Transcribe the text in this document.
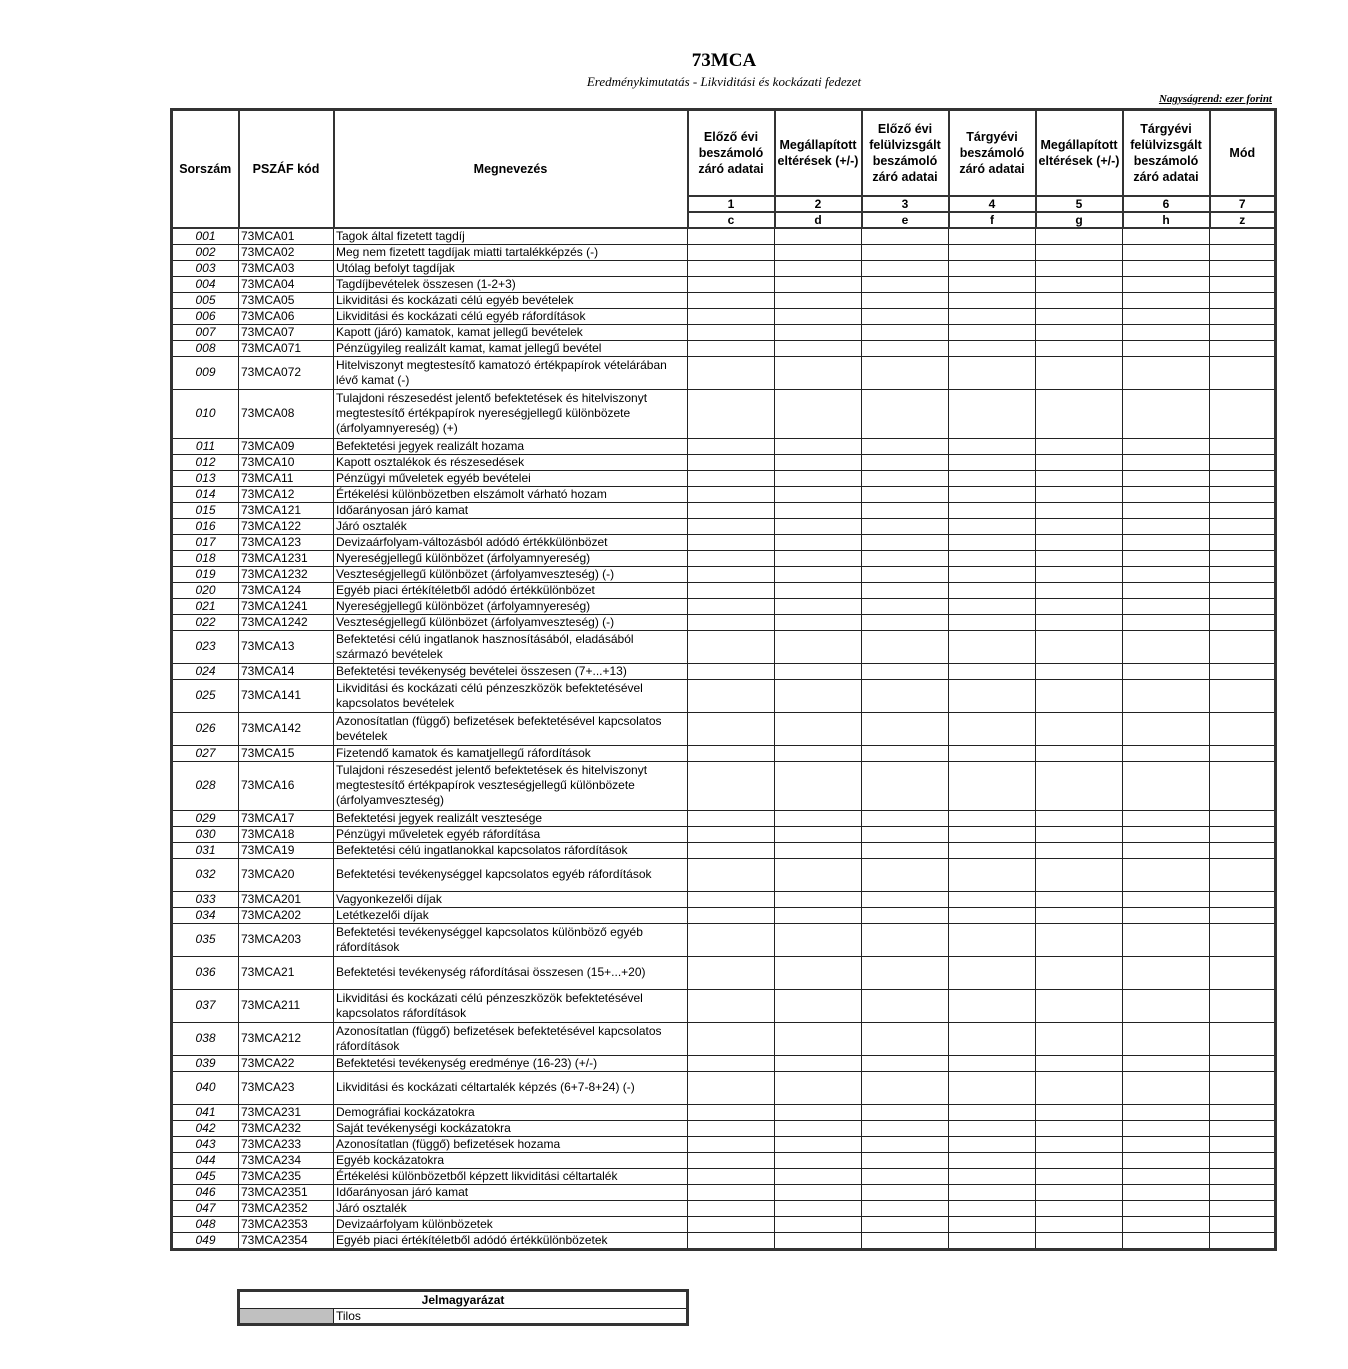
73MCA
Eredménykimutatás - Likviditási és kockázati fedezet
Nagyságrend: ezer forint
Sorszám	PSZÁF kód	Megnevezés	Előző évi beszámoló záró adatai	Megállapított eltérések (+/-)	Előző évi felülvizsgált beszámoló záró adatai	Tárgyévi beszámoló záró adatai	Megállapított eltérések (+/-)	Tárgyévi felülvizsgált beszámoló záró adatai	Mód
			1	2	3	4	5	6	7
			c	d	e	f	g	h	z
001	73MCA01	Tagok által fizetett tagdíj							
002	73MCA02	Meg nem fizetett tagdíjak miatti tartalékképzés (-)							
003	73MCA03	Utólag befolyt tagdíjak							
004	73MCA04	Tagdíjbevételek összesen (1-2+3)							
005	73MCA05	Likviditási és kockázati célú egyéb bevételek							
006	73MCA06	Likviditási és kockázati célú egyéb ráfordítások							
007	73MCA07	Kapott (járó) kamatok, kamat jellegű bevételek							
008	73MCA071	Pénzügyileg realizált kamat, kamat jellegű bevétel							
009	73MCA072	Hitelviszonyt megtestesítő kamatozó értékpapírok vételárában lévő kamat (-)							
010	73MCA08	Tulajdoni részesedést jelentő befektetések és hitelviszonyt megtestesítő értékpapírok nyereségjellegű különbözete (árfolyamnyereség) (+)							
011	73MCA09	Befektetési jegyek realizált hozama							
012	73MCA10	Kapott osztalékok és részesedések							
013	73MCA11	Pénzügyi műveletek egyéb bevételei							
014	73MCA12	Értékelési különbözetben elszámolt várható hozam							
015	73MCA121	Időarányosan járó kamat							
016	73MCA122	Járó osztalék							
017	73MCA123	Devizaárfolyam-változásból adódó értékkülönbözet							
018	73MCA1231	Nyereségjellegű különbözet (árfolyamnyereség)							
019	73MCA1232	Veszteségjellegű különbözet (árfolyamveszteség) (-)							
020	73MCA124	Egyéb piaci értékítéletből adódó értékkülönbözet							
021	73MCA1241	Nyereségjellegű különbözet (árfolyamnyereség)							
022	73MCA1242	Veszteségjellegű különbözet (árfolyamveszteség) (-)							
023	73MCA13	Befektetési célú ingatlanok hasznosításából, eladásából származó bevételek							
024	73MCA14	Befektetési tevékenység bevételei összesen (7+...+13)							
025	73MCA141	Likviditási és kockázati célú pénzeszközök befektetésével kapcsolatos bevételek							
026	73MCA142	Azonosítatlan (függő) befizetések befektetésével kapcsolatos bevételek							
027	73MCA15	Fizetendő kamatok és kamatjellegű ráfordítások							
028	73MCA16	Tulajdoni részesedést jelentő befektetések és hitelviszonyt megtestesítő értékpapírok veszteségjellegű különbözete (árfolyamveszteség)							
029	73MCA17	Befektetési jegyek realizált vesztesége							
030	73MCA18	Pénzügyi műveletek egyéb ráfordítása							
031	73MCA19	Befektetési célú ingatlanokkal kapcsolatos ráfordítások							
032	73MCA20	Befektetési tevékenységgel kapcsolatos egyéb ráfordítások							
033	73MCA201	Vagyonkezelői díjak							
034	73MCA202	Letétkezelői díjak							
035	73MCA203	Befektetési tevékenységgel kapcsolatos különböző egyéb ráfordítások							
036	73MCA21	Befektetési tevékenység ráfordításai összesen (15+...+20)							
037	73MCA211	Likviditási és kockázati célú pénzeszközök befektetésével kapcsolatos ráfordítások							
038	73MCA212	Azonosítatlan (függő) befizetések befektetésével kapcsolatos ráfordítások							
039	73MCA22	Befektetési tevékenység eredménye (16-23) (+/-)							
040	73MCA23	Likviditási és kockázati céltartalék képzés (6+7-8+24) (-)							
041	73MCA231	Demográfiai kockázatokra							
042	73MCA232	Saját tevékenységi kockázatokra							
043	73MCA233	Azonosítatlan (függő) befizetések hozama							
044	73MCA234	Egyéb kockázatokra							
045	73MCA235	Értékelési különbözetből képzett likviditási céltartalék							
046	73MCA2351	Időarányosan járó kamat							
047	73MCA2352	Járó osztalék							
048	73MCA2353	Devizaárfolyam különbözetek							
049	73MCA2354	Egyéb piaci értékítéletből adódó értékkülönbözetek							
Jelmagyarázat
	Tilos
